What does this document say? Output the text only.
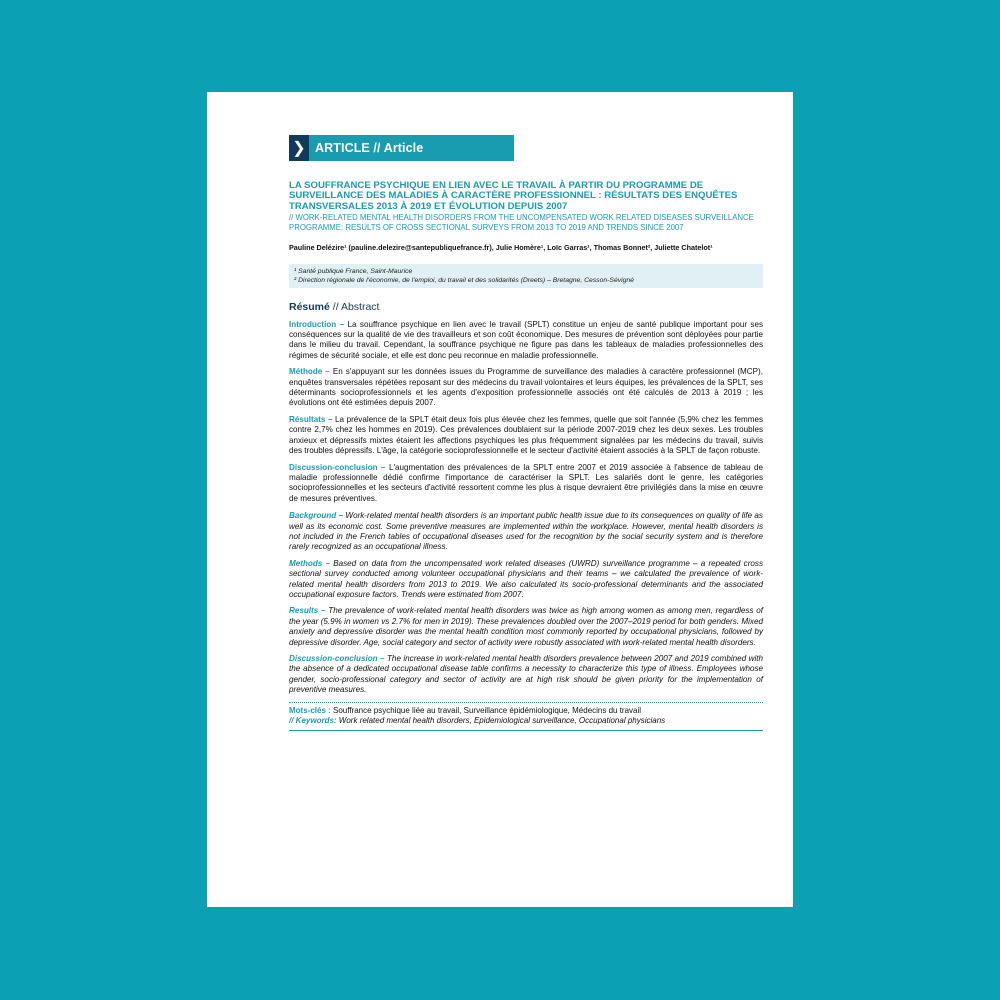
❯ ARTICLE // Article
LA SOUFFRANCE PSYCHIQUE EN LIEN AVEC LE TRAVAIL À PARTIR DU PROGRAMME DE SURVEILLANCE DES MALADIES À CARACTÈRE PROFESSIONNEL : RÉSULTATS DES ENQUÊTES TRANSVERSALES 2013 À 2019 ET ÉVOLUTION DEPUIS 2007
// WORK-RELATED MENTAL HEALTH DISORDERS FROM THE UNCOMPENSATED WORK RELATED DISEASES SURVEILLANCE PROGRAMME: RESULTS OF CROSS SECTIONAL SURVEYS FROM 2013 TO 2019 AND TRENDS SINCE 2007
Pauline Delézire¹ (pauline.delezire@santepubliquefrance.fr), Julie Homère¹, Loïc Garras¹, Thomas Bonnet², Juliette Chatelot¹
¹ Santé publique France, Saint-Maurice
² Direction régionale de l'économie, de l'emploi, du travail et des solidarités (Dreets) – Bretagne, Cesson-Sévigné
Résumé // Abstract
Introduction – La souffrance psychique en lien avec le travail (SPLT) constitue un enjeu de santé publique important pour ses conséquences sur la qualité de vie des travailleurs et son coût économique. Des mesures de prévention sont déployées pour partie dans le milieu du travail. Cependant, la souffrance psychique ne figure pas dans les tableaux de maladies professionnelles des régimes de sécurité sociale, et elle est donc peu reconnue en maladie professionnelle.
Méthode – En s'appuyant sur les données issues du Programme de surveillance des maladies à caractère professionnel (MCP), enquêtes transversales répétées reposant sur des médecins du travail volontaires et leurs équipes, les prévalences de la SPLT, ses déterminants socioprofessionnels et les agents d'exposition professionnelle associés ont été calculés de 2013 à 2019 ; les évolutions ont été estimées depuis 2007.
Résultats – La prévalence de la SPLT était deux fois plus élevée chez les femmes, quelle que soit l'année (5,9% chez les femmes contre 2,7% chez les hommes en 2019). Ces prévalences doublaient sur la période 2007-2019 chez les deux sexes. Les troubles anxieux et dépressifs mixtes étaient les affections psychiques les plus fréquemment signalées par les médecins du travail, suivis des troubles dépressifs. L'âge, la catégorie socioprofessionnelle et le secteur d'activité étaient associés à la SPLT de façon robuste.
Discussion-conclusion – L'augmentation des prévalences de la SPLT entre 2007 et 2019 associée à l'absence de tableau de maladie professionnelle dédié confirme l'importance de caractériser la SPLT. Les salariés dont le genre, les catégories socioprofessionnelles et les secteurs d'activité ressortent comme les plus à risque devraient être privilégiés dans la mise en œuvre de mesures préventives.
Background – Work-related mental health disorders is an important public health issue due to its consequences on quality of life as well as its economic cost. Some preventive measures are implemented within the workplace. However, mental health disorders is not included in the French tables of occupational diseases used for the recognition by the social security system and is therefore rarely recognized as an occupational illness.
Methods – Based on data from the uncompensated work related diseases (UWRD) surveillance programme – a repeated cross sectional survey conducted among volunteer occupational physicians and their teams – we calculated the prevalence of work-related mental health disorders from 2013 to 2019. We also calculated its socio-professional determinants and the associated occupational exposure factors. Trends were estimated from 2007.
Results – The prevalence of work-related mental health disorders was twice as high among women as among men, regardless of the year (5.9% in women vs 2.7% for men in 2019). These prevalences doubled over the 2007–2019 period for both genders. Mixed anxiety and depressive disorder was the mental health condition most commonly reported by occupational physicians, followed by depressive disorder. Age, social category and sector of activity were robustly associated with work-related mental health disorders.
Discussion-conclusion – The increase in work-related mental health disorders prevalence between 2007 and 2019 combined with the absence of a dedicated occupational disease table confirms a necessity to characterize this type of illness. Employees whose gender, socio-professional category and sector of activity are at high risk should be given priority for the implementation of preventive measures.
Mots-clés : Souffrance psychique liée au travail, Surveillance épidémiologique, Médecins du travail
// Keywords: Work related mental health disorders, Epidemiological surveillance, Occupational physicians
